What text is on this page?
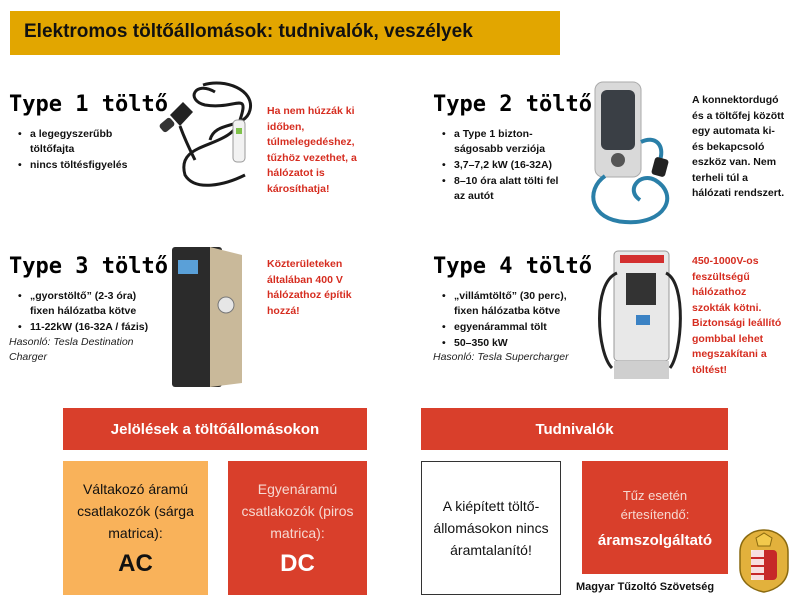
Elektromos töltőállomások: tudnivalók, veszélyek
Type 1 töltő
• a legegyszerűbb töltőfajta
• nincs töltésfigyelés
Ha nem húzzák ki
időben,
túlmelegedéshez,
tűzhöz vezethet, a
hálózatot is
károsíthatja!
Type 2 töltő
• a Type 1 bizton-ságosabb verziója
• 3,7–7,2 kW (16-32A)
• 8–10 óra alatt tölti fel az autót
A konnektordugó
és a töltőfej között
egy automata ki-
és bekapcsoló
eszköz van. Nem
terheli túl a
hálózati rendszert.
Type 3 töltő
• „gyorstöltő” (2-3 óra) fixen hálózatba kötve
• 11-22kW (16-32A / fázis)
Hasonló: Tesla Destination Charger
Közterületeken
általában 400 V
hálózathoz építik
hozzá!
Type 4 töltő
• „villámtöltő” (30 perc), fixen hálózatba kötve
• egyenárammal tölt
• 50–350 kW
Hasonló: Tesla Supercharger
450-1000V-os
feszültségű
hálózathoz
szokták kötni.
Biztonsági leállító
gombbal lehet
megszakítani a
töltést!
Jelölések a töltőállomásokon
Váltakozó áramú
csatlakozók (sárga
matrica):
AC
Egyenáramú
csatlakozók (piros
matrica):
DC
Tudnivalók
A kiépített töltő-
állomásokon nincs
áramtalanító!
Tűz esetén
értesítendő:
áramszolgáltató
Magyar Tűzoltó Szövetség
